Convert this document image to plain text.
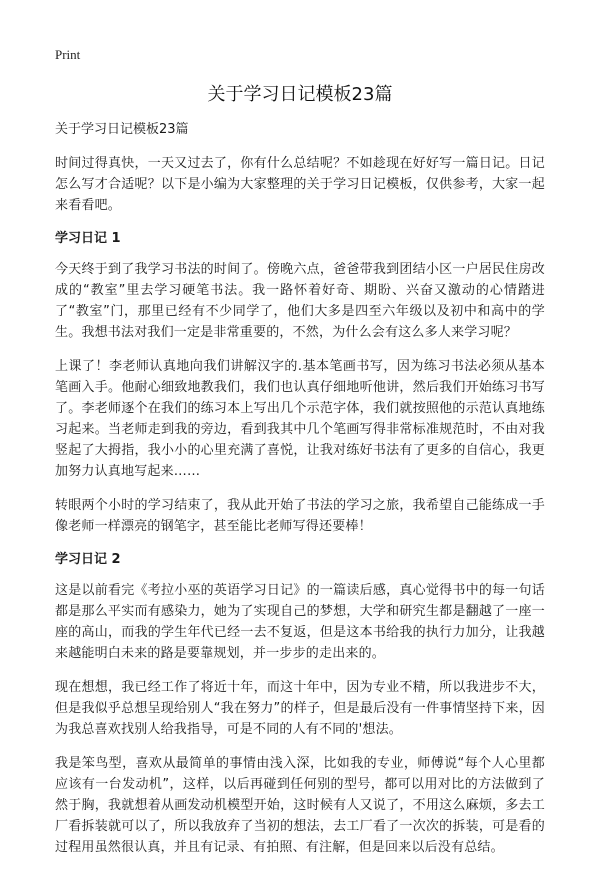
Print
关于学习日记模板23篇
关于学习日记模板23篇

时间过得真快，一天又过去了，你有什么总结呢？不如趁现在好好写一篇日记。日记怎么写才合适呢？以下是小编为大家整理的关于学习日记模板，仅供参考，大家一起来看看吧。

学习日记 1

今天终于到了我学习书法的时间了。傍晚六点，爸爸带我到团结小区一户居民住房改成的“教室”里去学习硬笔书法。我一路怀着好奇、期盼、兴奋又激动的心情踏进了“教室”门，那里已经有不少同学了，他们大多是四至六年级以及初中和高中的学生。我想书法对我们一定是非常重要的，不然，为什么会有这么多人来学习呢？

上课了！李老师认真地向我们讲解汉字的.基本笔画书写，因为练习书法必须从基本笔画入手。他耐心细致地教我们，我们也认真仔细地听他讲，然后我们开始练习书写了。李老师逐个在我们的练习本上写出几个示范字体，我们就按照他的示范认真地练习起来。当老师走到我的旁边，看到我其中几个笔画写得非常标准规范时，不由对我竖起了大拇指，我小小的心里充满了喜悦，让我对练好书法有了更多的自信心，我更加努力认真地写起来……

转眼两个小时的学习结束了，我从此开始了书法的学习之旅，我希望自己能练成一手像老师一样漂亮的钢笔字，甚至能比老师写得还要棒！

学习日记 2

这是以前看完《考拉小巫的英语学习日记》的一篇读后感，真心觉得书中的每一句话都是那么平实而有感染力，她为了实现自己的梦想，大学和研究生都是翻越了一座一座的高山，而我的学生年代已经一去不复返，但是这本书给我的执行力加分，让我越来越能明白未来的路是要靠规划，并一步步的走出来的。

现在想想，我已经工作了将近十年，而这十年中，因为专业不精，所以我进步不大，但是我似乎总想呈现给别人“我在努力”的样子，但是最后没有一件事情坚持下来，因为我总喜欢找别人给我指导，可是不同的人有不同的'想法。

我是笨鸟型，喜欢从最简单的事情由浅入深，比如我的专业，师傅说“每个人心里都应该有一台发动机”，这样，以后再碰到任何别的型号，都可以用对比的方法做到了然于胸，我就想着从画发动机模型开始，这时候有人又说了，不用这么麻烦，多去工厂看拆装就可以了，所以我放弃了当初的想法，去工厂看了一次次的拆装，可是看的过程用虽然很认真，并且有记录、有拍照、有注解，但是回来以后没有总结。
